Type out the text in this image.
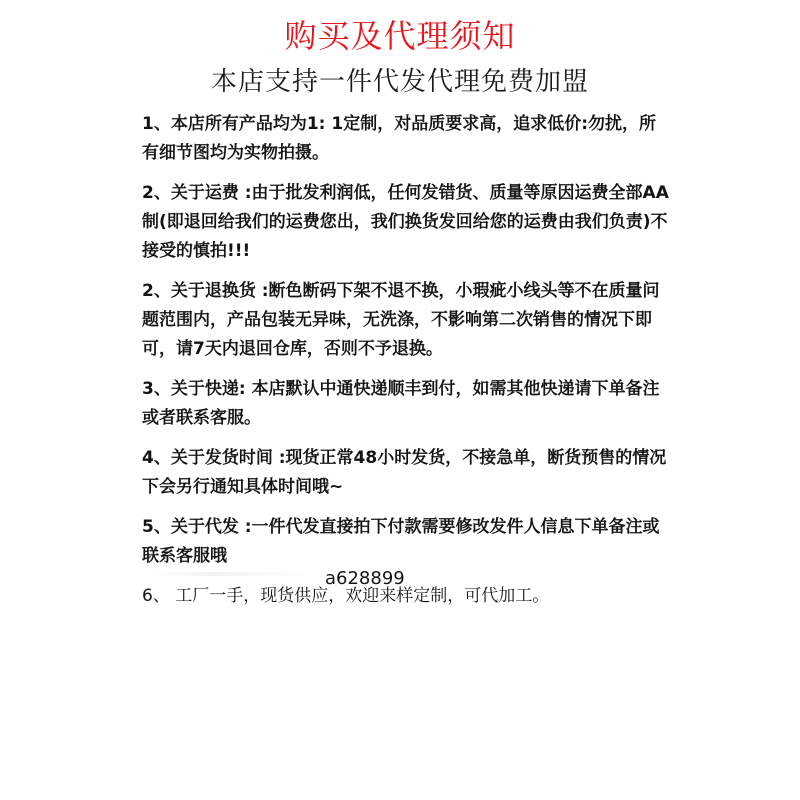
购买及代理须知
本店支持一件代发代理免费加盟

1、本店所有产品均为1: 1定制，对品质要求高，追求低价:勿扰，所有细节图均为实物拍摄。

2、关于运费 :由于批发利润低，任何发错货、质量等原因运费全部AA制(即退回给我们的运费您出，我们换货发回给您的运费由我们负责)不接受的慎拍!!!

2、关于退换货 :断色断码下架不退不换，小瑕疵小线头等不在质量问题范围内，产品包装无异味，无洗涤，不影响第二次销售的情况下即可，请7天内退回仓库，否则不予退换。

3、关于快递: 本店默认中通快递顺丰到付，如需其他快递请下单备注或者联系客服。

4、关于发货时间 :现货正常48小时发货，不接急单，断货预售的情况下会另行通知具体时间哦~

5、关于代发 :一件代发直接拍下付款需要修改发件人信息下单备注或联系客服哦

6、 工厂一手，现货供应，欢迎来样定制，可代加工。

a628899
